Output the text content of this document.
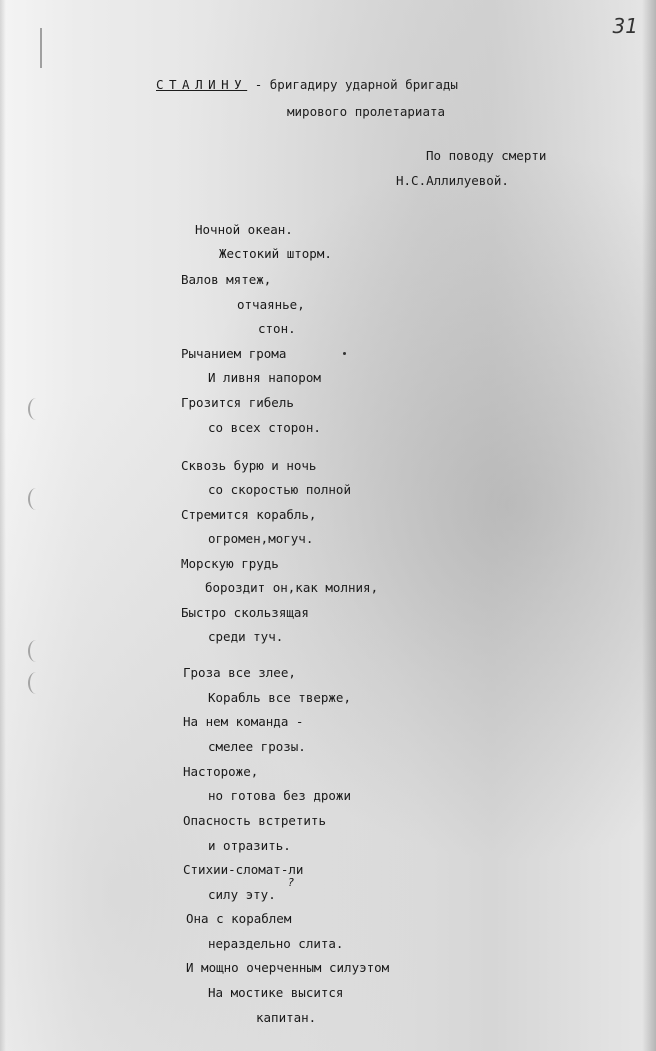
31
СТАЛИНУ - бригадиру ударной бригады
мирового пролетариата
По поводу смерти
Н.С.Аллилуевой.
Ночной океан.
Жестокий шторм.
Валов мятеж,
отчаянье,
стон.
Рычанием грома
И ливня напором
Грозится гибель
со всех сторон.
Сквозь бурю и ночь
со скоростью полной
Стремится корабль,
огромен,могуч.
Морскую грудь
бороздит он,как молния,
Быстро скользящая
среди туч.
Гроза все злее,
Корабль все тверже,
На нем команда -
смелее грозы.
Настороже,
но готова без дрожи
Опасность встретить
и отразить.
Стихии-сломат-ли
силу эту.
Она с кораблем
нераздельно слита.
И мощно очерченным силуэтом
На мостике высится
капитан.
?
